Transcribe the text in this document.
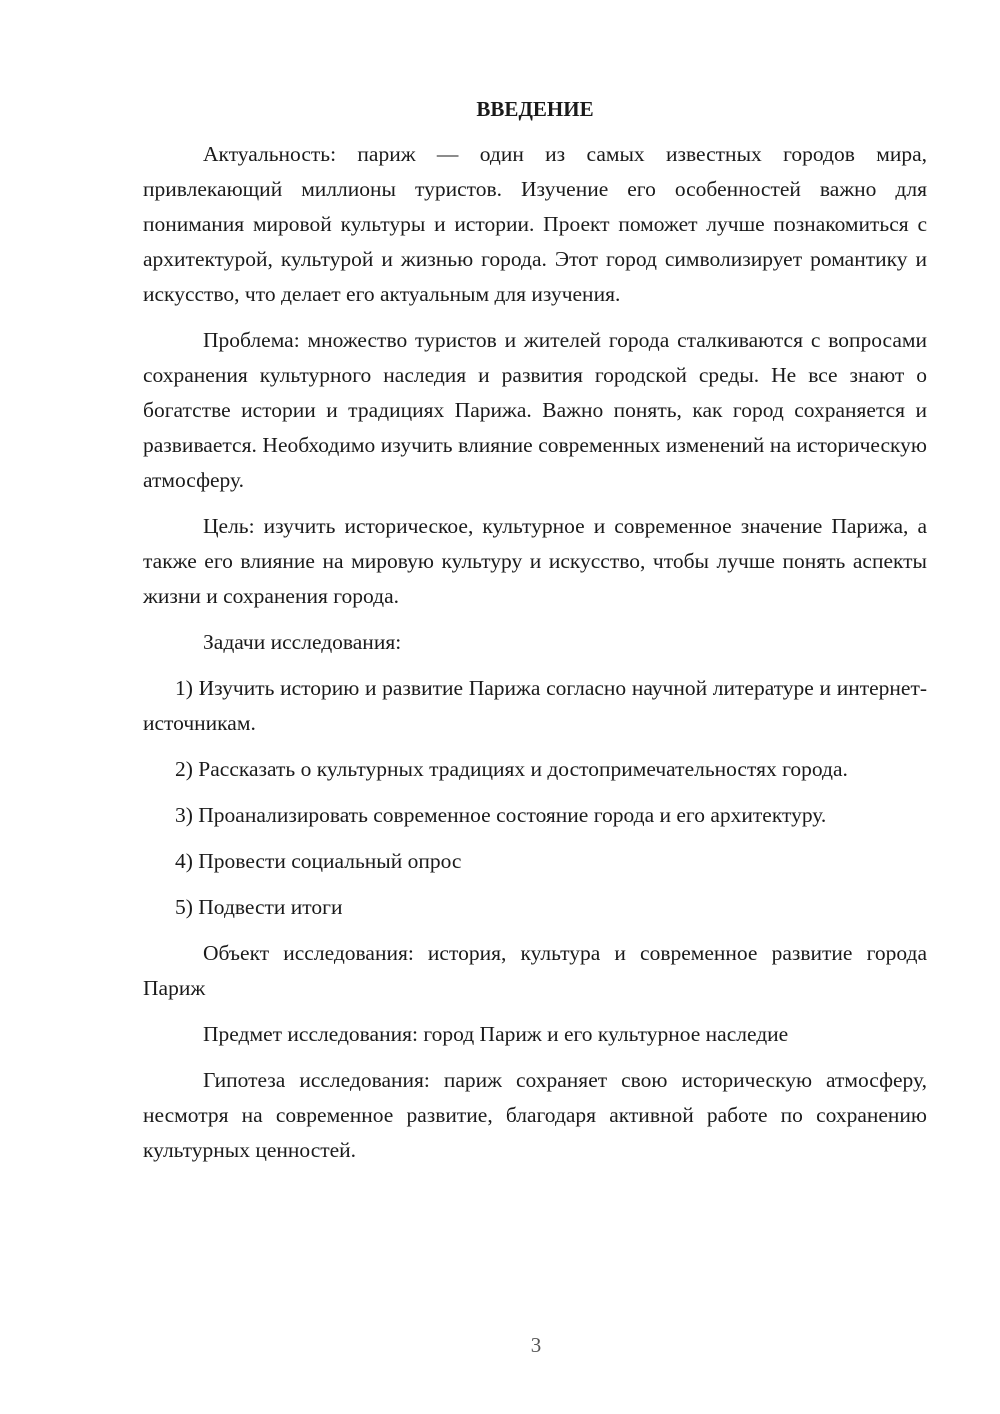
ВВЕДЕНИЕ

Актуальность: париж — один из самых известных городов мира, привлекающий миллионы туристов. Изучение его особенностей важно для понимания мировой культуры и истории. Проект поможет лучше познакомиться с архитектурой, культурой и жизнью города. Этот город символизирует романтику и искусство, что делает его актуальным для изучения.

Проблема: множество туристов и жителей города сталкиваются с вопросами сохранения культурного наследия и развития городской среды. Не все знают о богатстве истории и традициях Парижа. Важно понять, как город сохраняется и развивается. Необходимо изучить влияние современных изменений на историческую атмосферу.

Цель: изучить историческое, культурное и современное значение Парижа, а также его влияние на мировую культуру и искусство, чтобы лучше понять аспекты жизни и сохранения города.

Задачи исследования:

1) Изучить историю и развитие Парижа согласно научной литературе и интернет-источникам.

2) Рассказать о культурных традициях и достопримечательностях города.

3) Проанализировать современное состояние города и его архитектуру.

4) Провести социальный опрос

5) Подвести итоги

Объект исследования: история, культура и современное развитие города Париж

Предмет исследования: город Париж и его культурное наследие

Гипотеза исследования: париж сохраняет свою историческую атмосферу, несмотря на современное развитие, благодаря активной работе по сохранению культурных ценностей.

3
